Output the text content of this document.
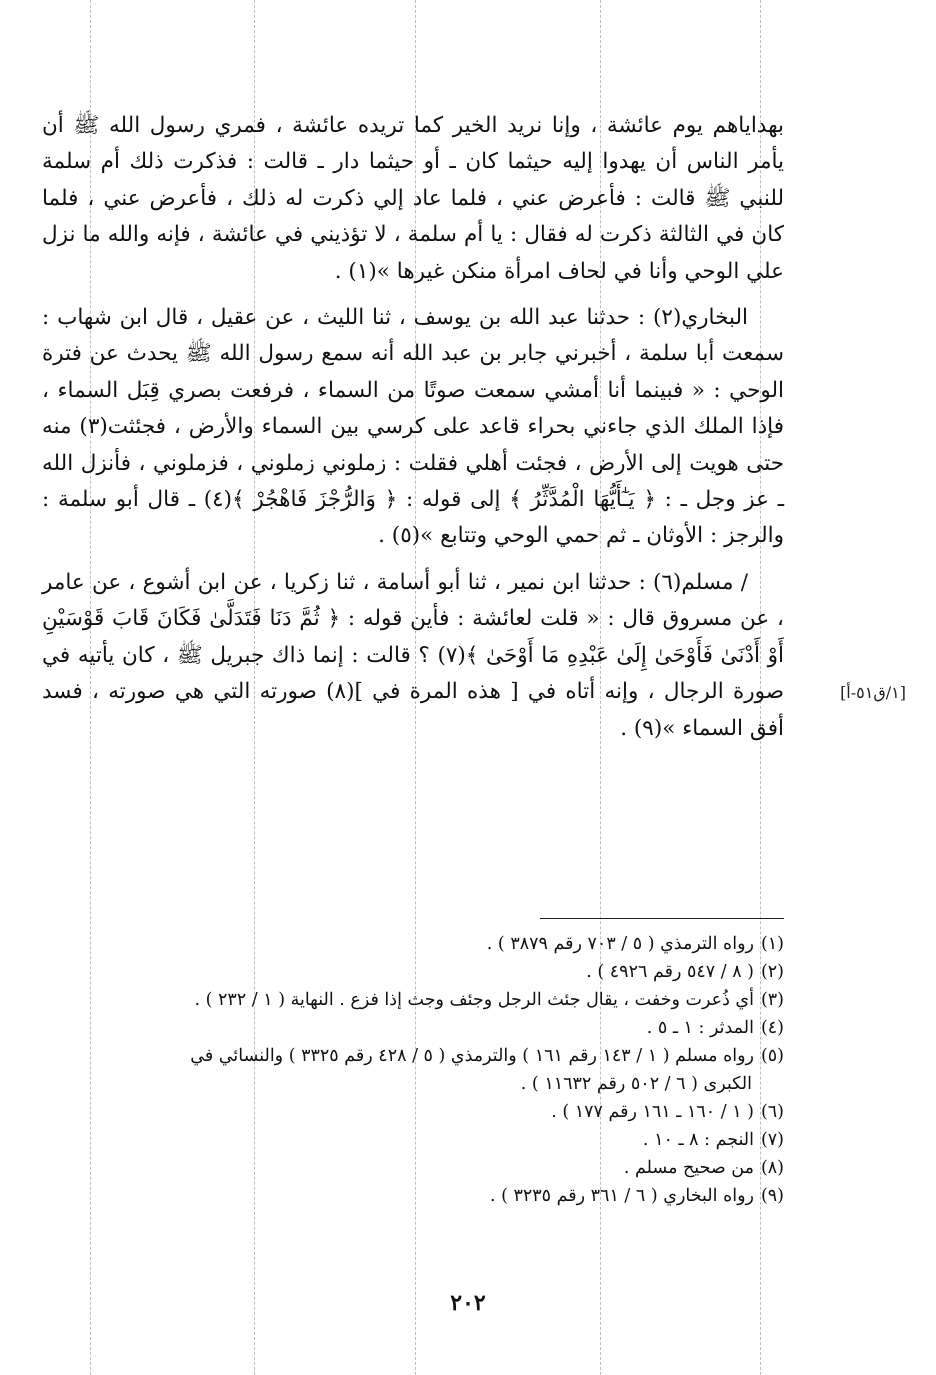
بهداياهم يوم عائشة ، وإنا نريد الخير كما تريده عائشة ، فمري رسول الله ﷺ أن يأمر الناس أن يهدوا إليه حيثما كان ـ أو حيثما دار ـ قالت : فذكرت ذلك أم سلمة للنبي ﷺ قالت : فأعرض عني ، فلما عاد إلي ذكرت له ذلك ، فأعرض عني ، فلما كان في الثالثة ذكرت له فقال : يا أم سلمة ، لا تؤذيني في عائشة ، فإنه والله ما نزل علي الوحي وأنا في لحاف امرأة منكن غيرها »(١) .

البخاري(٢) : حدثنا عبد الله بن يوسف ، ثنا الليث ، عن عقيل ، قال ابن شهاب : سمعت أبا سلمة ، أخبرني جابر بن عبد الله أنه سمع رسول الله ﷺ يحدث عن فترة الوحي : « فبينما أنا أمشي سمعت صوتًا من السماء ، فرفعت بصري قِبَل السماء ، فإذا الملك الذي جاءني بحراء قاعد على كرسي بين السماء والأرض ، فجئثت(٣) منه حتى هويت إلى الأرض ، فجئت أهلي فقلت : زملوني زملوني ، فزملوني ، فأنزل الله ـ عز وجل ـ : ﴿ يَـٰٓأَيُّهَا الْمُدَّثِّرُ ﴾ إلى قوله : ﴿ وَالرُّجْزَ فَاهْجُرْ ﴾(٤) ـ قال أبو سلمة : والرجز : الأوثان ـ ثم حمي الوحي وتتابع »(٥) .

/ مسلم(٦) : حدثنا ابن نمير ، ثنا أبو أسامة ، ثنا زكريا ، عن ابن أشوع ، عن عامر ، عن مسروق قال : « قلت لعائشة : فأين قوله : ﴿ ثُمَّ دَنَا فَتَدَلَّىٰ فَكَانَ قَابَ قَوْسَيْنِ أَوْ أَدْنَىٰ فَأَوْحَىٰ إِلَىٰ عَبْدِهِ مَا أَوْحَىٰ ﴾(٧) ؟ قالت : إنما ذاك جبريل ﷺ ، كان يأتيه في صورة الرجال ، وإنه أتاه في [ هذه المرة في ](٨) صورته التي هي صورته ، فسد أفق السماء »(٩) .

[١/ق٥١-أ]

(١)رواه الترمذي ( ٥ / ٧٠٣ رقم ٣٨٧٩ ) .

(٢)( ٨ / ٥٤٧ رقم ٤٩٢٦ ) .

(٣)أي ذُعرت وخفت ، يقال جئث الرجل وجئف وجث إذا فزع . النهاية ( ١ / ٢٣٢ ) .

(٤)المدثر : ١ ـ ٥ .

(٥)رواه مسلم ( ١ / ١٤٣ رقم ١٦١ ) والترمذي ( ٥ / ٤٢٨ رقم ٣٣٢٥ ) والنسائي في

الكبرى ( ٦ / ٥٠٢ رقم ١١٦٣٢ ) .

(٦)( ١ / ١٦٠ ـ ١٦١ رقم ١٧٧ ) .

(٧)النجم : ٨ ـ ١٠ .

(٨)من صحيح مسلم .

(٩)رواه البخاري ( ٦ / ٣٦١ رقم ٣٢٣٥ ) .

٢٠٢
